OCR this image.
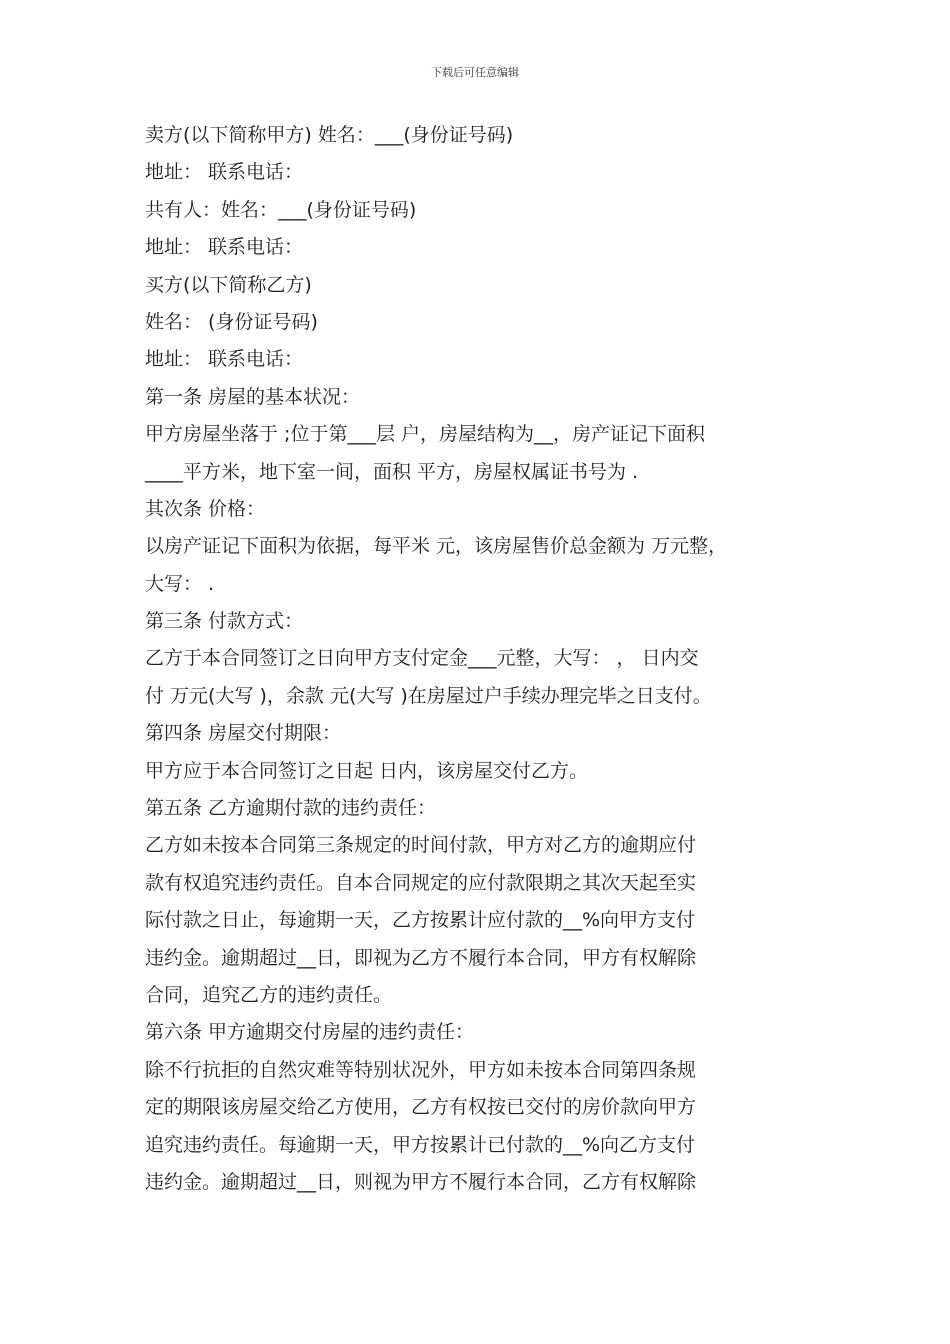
下载后可任意编辑
卖方(以下简称甲方) 姓名：___(身份证号码)
地址： 联系电话：
共有人：姓名：___(身份证号码)
地址： 联系电话：
买方(以下简称乙方)
姓名： (身份证号码)
地址： 联系电话：
第一条 房屋的基本状况：
甲方房屋坐落于 ;位于第___层 户，房屋结构为__，房产证记下面积
____平方米，地下室一间，面积 平方，房屋权属证书号为 .
其次条 价格：
以房产证记下面积为依据，每平米 元，该房屋售价总金额为 万元整，
大写： .
第三条 付款方式：
乙方于本合同签订之日向甲方支付定金___元整，大写： ， 日内交
付 万元(大写 )，余款 元(大写 )在房屋过户手续办理完毕之日支付。
第四条 房屋交付期限：
甲方应于本合同签订之日起 日内，该房屋交付乙方。
第五条 乙方逾期付款的违约责任：
乙方如未按本合同第三条规定的时间付款，甲方对乙方的逾期应付
款有权追究违约责任。自本合同规定的应付款限期之其次天起至实
际付款之日止，每逾期一天，乙方按累计应付款的__%向甲方支付
违约金。逾期超过__日，即视为乙方不履行本合同，甲方有权解除
合同，追究乙方的违约责任。
第六条 甲方逾期交付房屋的违约责任：
除不行抗拒的自然灾难等特别状况外，甲方如未按本合同第四条规
定的期限该房屋交给乙方使用，乙方有权按已交付的房价款向甲方
追究违约责任。每逾期一天，甲方按累计已付款的__%向乙方支付
违约金。逾期超过__日，则视为甲方不履行本合同，乙方有权解除
